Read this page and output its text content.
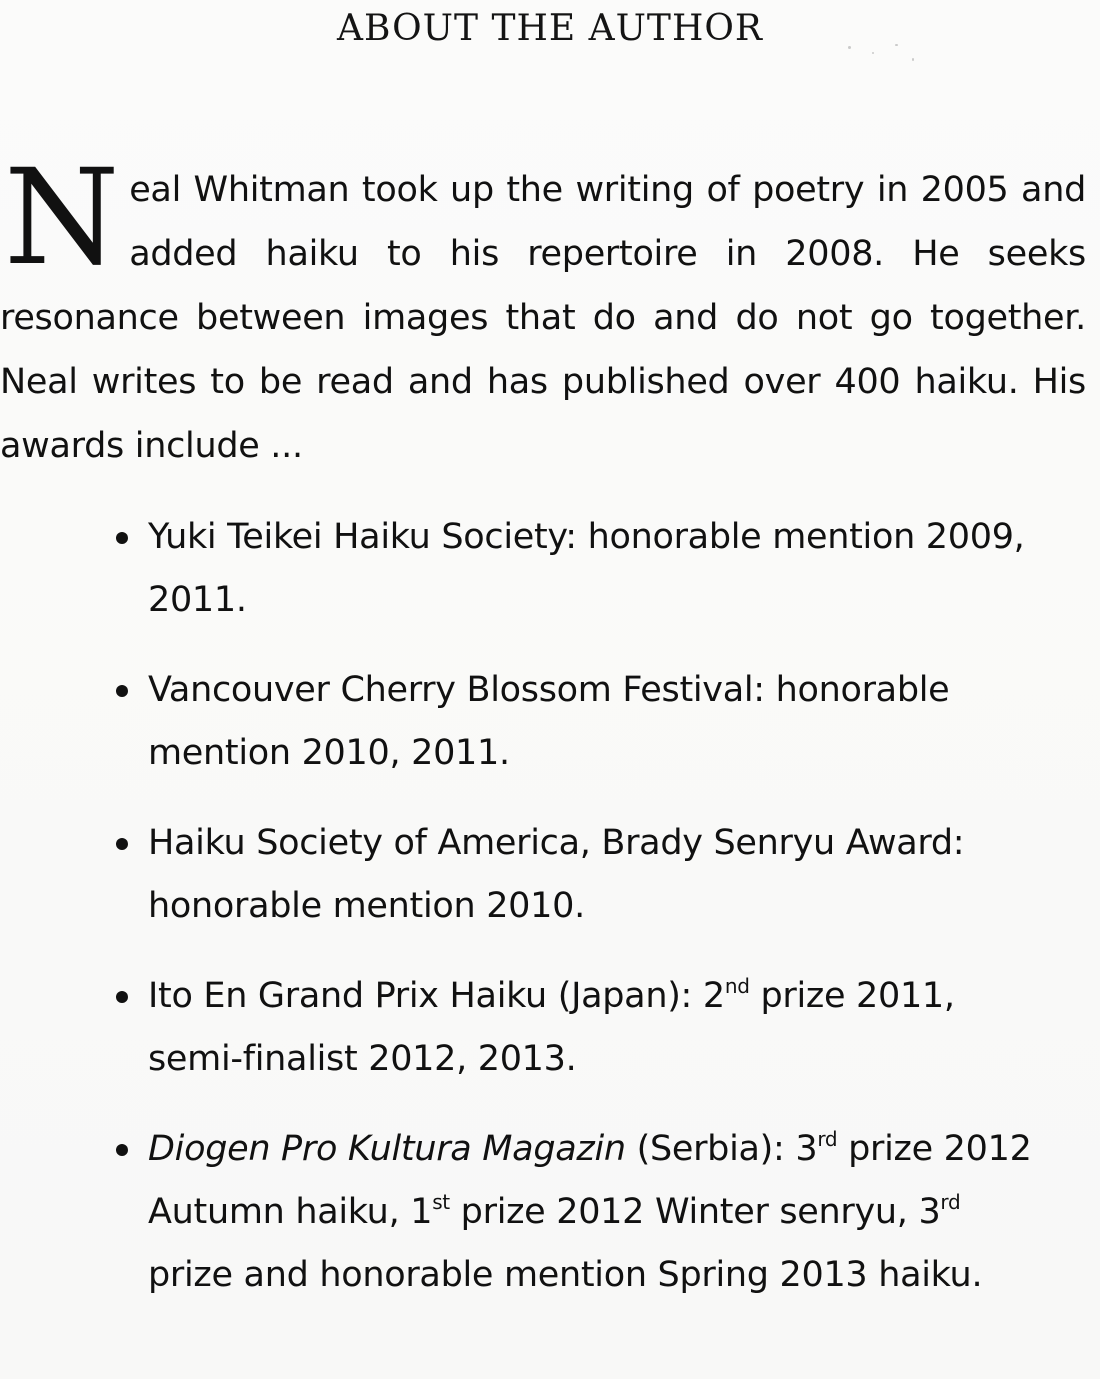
ABOUT THE AUTHOR

Neal Whitman took up the writing of poetry in 2005 and added haiku to his repertoire in 2008. He seeks resonance between images that do and do not go together. Neal writes to be read and has published over 400 haiku. His awards include ...

Yuki Teikei Haiku Society: honorable mention 2009, 2011.
Vancouver Cherry Blossom Festival: honorable mention 2010, 2011.
Haiku Society of America, Brady Senryu Award: honorable mention 2010.
Ito En Grand Prix Haiku (Japan): 2nd prize 2011, semi-finalist 2012, 2013.
Diogen Pro Kultura Magazin (Serbia): 3rd prize 2012 Autumn haiku, 1st prize 2012 Winter senryu, 3rd prize and honorable mention Spring 2013 haiku.
